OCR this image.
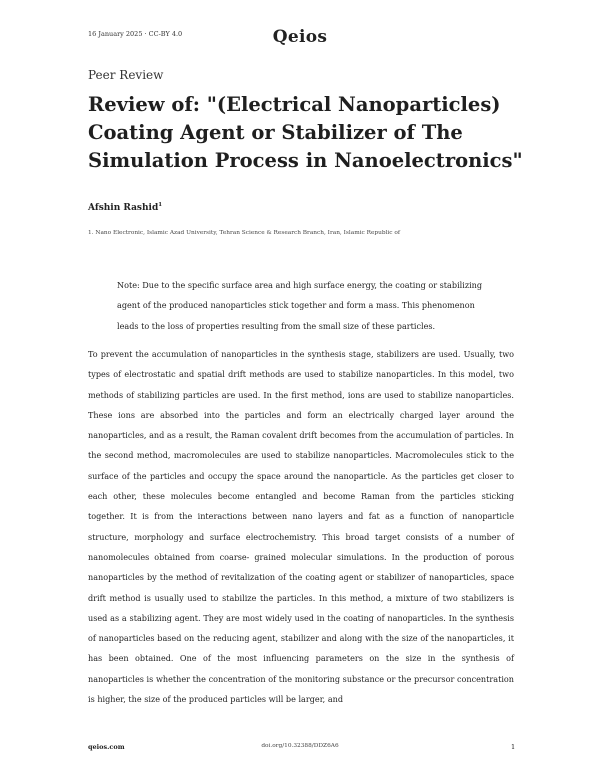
16 January 2025 · CC-BY 4.0	Qeios
Peer Review
Review of: "(Electrical Nanoparticles) Coating Agent or Stabilizer of The Simulation Process in Nanoelectronics"
Afshin Rashid$^1$
1. Nano Electronic, Islamic Azad University, Tehran Science & Research Branch, Iran, Islamic Republic of

Note: Due to the specific surface area and high surface energy, the coating or stabilizing agent of the produced nanoparticles stick together and form a mass. This phenomenon leads to the loss of properties resulting from the small size of these particles.

To prevent the accumulation of nanoparticles in the synthesis stage, stabilizers are used. Usually, two types of electrostatic and spatial drift methods are used to stabilize nanoparticles. In this model, two methods of stabilizing particles are used. In the first method, ions are used to stabilize nanoparticles. These ions are absorbed into the particles and form an electrically charged layer around the nanoparticles, and as a result, the Raman covalent drift becomes from the accumulation of particles. In the second method, macromolecules are used to stabilize nanoparticles. Macromolecules stick to the surface of the particles and occupy the space around the nanoparticle. As the particles get closer to each other, these molecules become entangled and become Raman from the particles sticking together. It is from the interactions between nano layers and fat as a function of nanoparticle structure, morphology and surface electrochemistry. This broad target consists of a number of nanomolecules obtained from coarse- grained molecular simulations. In the production of porous nanoparticles by the method of revitalization of the coating agent or stabilizer of nanoparticles, space drift method is usually used to stabilize the particles. In this method, a mixture of two stabilizers is used as a stabilizing agent. They are most widely used in the coating of nanoparticles. In the synthesis of nanoparticles based on the reducing agent, stabilizer and along with the size of the nanoparticles, it has been obtained. One of the most influencing parameters on the size in the synthesis of nanoparticles is whether the concentration of the monitoring substance or the precursor concentration is higher, the size of the produced particles will be larger, and

qeios.com	doi.org/10.32388/DDZ6A6	1
